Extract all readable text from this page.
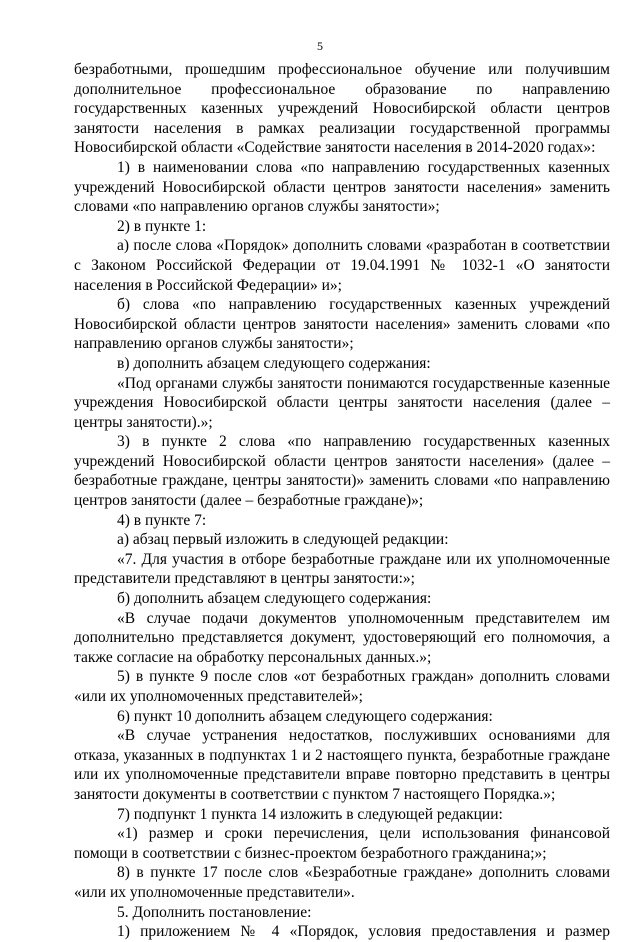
5

безработными, прошедшим профессиональное обучение или получившим дополнительное профессиональное образование по направлению государственных казенных учреждений Новосибирской области центров занятости населения в рамках реализации государственной программы Новосибирской области «Содействие занятости населения в 2014-2020 годах»:

1) в наименовании слова «по направлению государственных казенных учреждений Новосибирской области центров занятости населения» заменить словами «по направлению органов службы занятости»;

2) в пункте 1:

а) после слова «Порядок» дополнить словами «разработан в соответствии с Законом Российской Федерации от 19.04.1991 № 1032-1 «О занятости населения в Российской Федерации» и»;

б) слова «по направлению государственных казенных учреждений Новосибирской области центров занятости населения» заменить словами «по направлению органов службы занятости»;

в) дополнить абзацем следующего содержания:

«Под органами службы занятости понимаются государственные казенные учреждения Новосибирской области центры занятости населения (далее – центры занятости).»;

3) в пункте 2 слова «по направлению государственных казенных учреждений Новосибирской области центров занятости населения» (далее – безработные граждане, центры занятости)» заменить словами «по направлению центров занятости (далее – безработные граждане)»;

4) в пункте 7:

а) абзац первый изложить в следующей редакции:

«7. Для участия в отборе безработные граждане или их уполномоченные представители представляют в центры занятости:»;

б) дополнить абзацем следующего содержания:

«В случае подачи документов уполномоченным представителем им дополнительно представляется документ, удостоверяющий его полномочия, а также согласие на обработку персональных данных.»;

5) в пункте 9 после слов «от безработных граждан» дополнить словами «или их уполномоченных представителей»;

6) пункт 10 дополнить абзацем следующего содержания:

«В случае устранения недостатков, послуживших основаниями для отказа, указанных в подпунктах 1 и 2 настоящего пункта, безработные граждане или их уполномоченные представители вправе повторно представить в центры занятости документы в соответствии с пунктом 7 настоящего Порядка.»;

7) подпункт 1 пункта 14 изложить в следующей редакции:

«1) размер и сроки перечисления, цели использования финансовой помощи в соответствии с бизнес-проектом безработного гражданина;»;

8) в пункте 17 после слов «Безработные граждане» дополнить словами «или их уполномоченные представители».

5. Дополнить постановление:

1) приложением № 4 «Порядок, условия предоставления и размер
